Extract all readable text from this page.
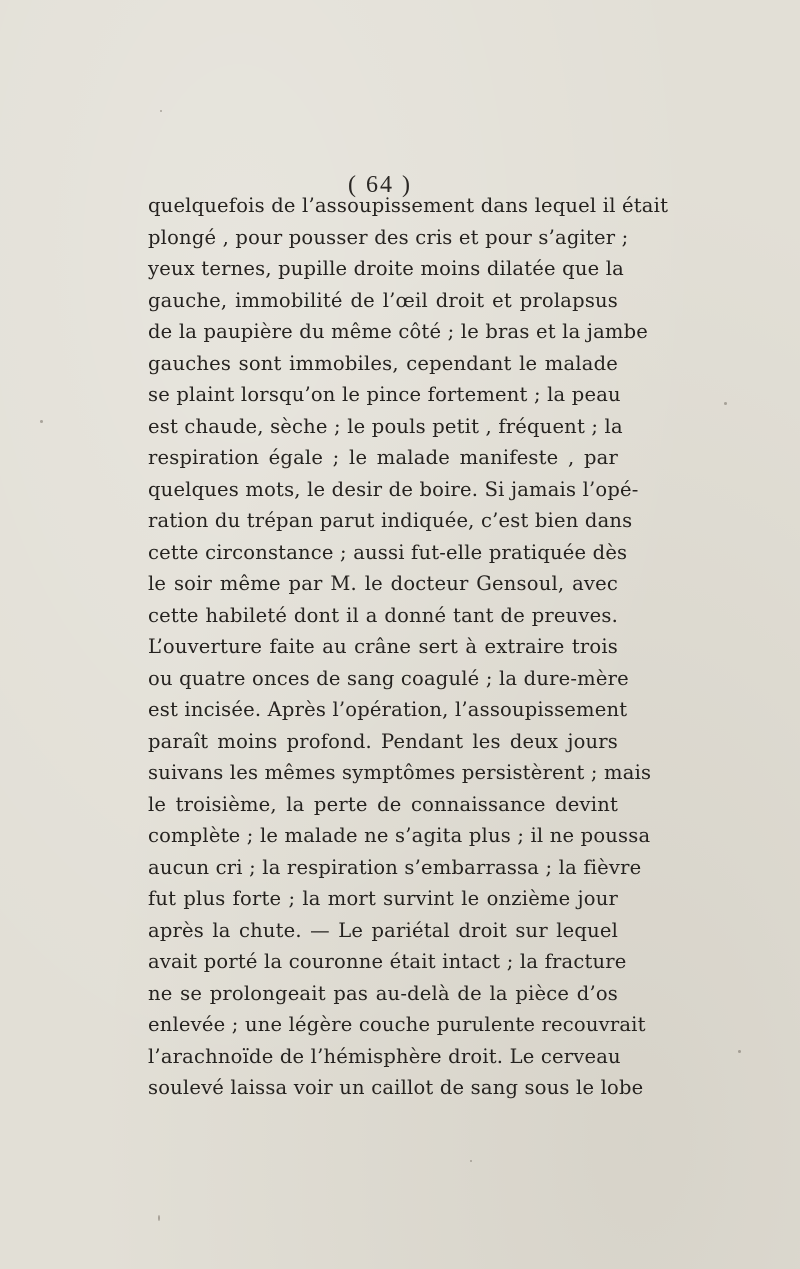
( 64 )
quelquefois de l’assoupissement dans lequel il était
plongé , pour pousser des cris et pour s’agiter ;
yeux ternes, pupille droite moins dilatée que la
gauche, immobilité de l’œil droit et prolapsus
de la paupière du même côté ; le bras et la jambe
gauches sont immobiles, cependant le malade
se plaint lorsqu’on le pince fortement ; la peau
est chaude, sèche ; le pouls petit , fréquent ; la
respiration égale ; le malade manifeste , par
quelques mots, le desir de boire. Si jamais l’opé-
ration du trépan parut indiquée, c’est bien dans
cette circonstance ; aussi fut-elle pratiquée dès
le soir même par M. le docteur Gensoul, avec
cette habileté dont il a donné tant de preuves.
L’ouverture faite au crâne sert à extraire trois
ou quatre onces de sang coagulé ; la dure-mère
est incisée. Après l’opération, l’assoupissement
paraît moins profond. Pendant les deux jours
suivans les mêmes symptômes persistèrent ; mais
le troisième, la perte de connaissance devint
complète ; le malade ne s’agita plus ; il ne poussa
aucun cri ; la respiration s’embarrassa ; la fièvre
fut plus forte ; la mort survint le onzième jour
après la chute. — Le pariétal droit sur lequel
avait porté la couronne était intact ; la fracture
ne se prolongeait pas au-delà de la pièce d’os
enlevée ; une légère couche purulente recouvrait
l’arachnoïde de l’hémisphère droit. Le cerveau
soulevé laissa voir un caillot de sang sous le lobe
